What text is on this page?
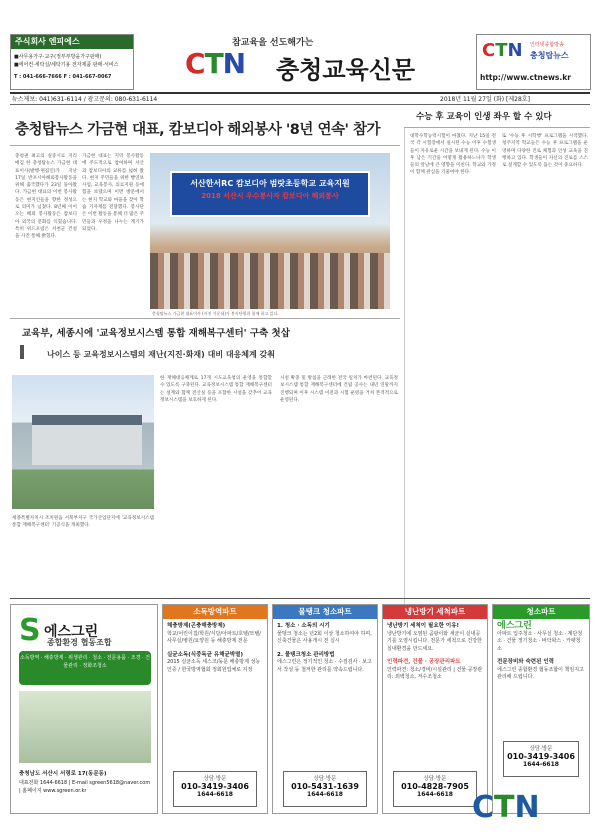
주식회사 엔피에스
■사무용가구·교구(정부부방을가구판매)
■에어컨·세탁실/세탁기용 전자제품 판매·서비스
T : 041-666-7666 F : 041-667-0067
참교육을 선도해가는
CTN 충청교육신문
CTN 인터넷종합방송
충청탑뉴스
http://www.ctnews.kr
뉴스제보: 041)631-6114 / 광고문의: 080-631-6114	2018년 11월 27일 (화) [제28호]
충청탑뉴스 가금현 대표, 캄보디아 해외봉사 '8년 연속' 참가
충청권 최고의 실증시료 지리매김 한 충청탑뉴스 가금현 대표이사(발행·편집인)가 지난 17일 반포시아해외봉사활동을 위해 출국했다가 23일 돌아왔다. 가금현 대표의 이번 봉사활동은 현지인들을 향한 정성으로 의미가 넘쳤다. 8년째 이어오는 해외 봉사활동은 캄보디아 외국의 문화를 익혔습니다. 특히 위드포럼은 서천군 건설을 사진 통해 밝혔다.
가금현 대표는 지역 봉사활동에 주도적으로 참여하며 서산과 캄보디아의 교류를 넓혀 왔다. 현지 주민들을 위한 빵연보 사업, 교육봉사, 의료지원 등에 힘을 보탰으며 이번 방문에서는 현지 학교와 마을을 찾아 학습 기자재를 전달했다. 봉사단은 이번 활동을 통해 더 많은 주민들과 우정을 나누는 계기가 되었다.
서산한서RC 캄보디아 범랏초등학교 교육지원
2018 서산시 우수봉사자 캄보디아 해외봉사
충청탑뉴스 가금현 대표이사 (사진 가운데)가 봉사단원과 함께 하고 있다.
교육부, 세종시에 '교육정보시스템 통합 재해복구센터' 구축 첫삽
나이스 등 교육정보시스템의 재난(지진·화재) 대비 대응체계 갖춰
세종특별자치시 조치원읍 서북부지구 국가산업단지에 '교육정보시스템 통합 재해복구센터' 기공식을 개최했다.
한 재해대응체계로 17개 시도교육청의 운영을 통합할 수 있도록 구축된다. 교육정보시스템 통합 재해복구센터는 설계와 함께 전산실 등을 포함한 시설을 갖추어 교육정보시스템을 보호하게 된다.
시설 확충 및 방침을 근래한 전국 일치가 마련된다. 교육정보시스템 통합 재해복구센터에 건립 공사는 내년 연말까지 진행되며 이후 시스템 이전과 시험 운영을 거쳐 본격적으로 운영된다.
수능 후 교육이 인생 좌우 할 수 있다
대학수학능력시험이 마쳤다. 지난 15일 전국 각 시험장에서 실시된 수능 이후 수험생들이 자유로운 시간을 보내게 된다. 수능 이후 남은 기간을 어떻게 활용하느냐가 학생들의 앞날에 큰 영향을 미친다. 학교와 가정이 함께 관심을 기울여야 한다.
또 '수능 후 시학행' 프로그램을 시작했다. 청주지역 학교들은 수능 후 프로그램을 운영하며 다양한 진로 체험과 인성 교육을 진행하고 있다. 학생들이 자신의 진로를 스스로 설계할 수 있도록 돕는 것이 중요하다.
S 에스그린
종합환경 협동조합
소독방역 · 해충방제 · 위생관리 · 청소 · 전문용품 · 조경 · 건물관리 · 정화조청소
충청남도 서산시 서령로 17(동문동)
대표전화 1644-6618 | E-mail sgreen5618@naver.com | 홈페이지 www.sgreen.or.kr
소독방역파트
해충방제(곤충해충방제)
학교/어린이집/학원/식당/아파트/호텔/모텔/사무실/병원/요양원 등 해충방제 전문
실균소독(식중독균 유해균박멸)
2015 실균소독 세스코/동문 해충방제 성능 인증 / 한국방역협회 정회원업체로 지정
상담·방문
010-3419-3406
1644-6618
물탱크 청소파트
1. 청소 · 소독의 시기
물탱크 청소는 년2회 이상 청소하여야 하며, 신축건물은 사용개시 전 실시
2. 물탱크청소 관리방법
에스그린은 정기적인 청소 · 수질검사 · 보고서 작성 등 철저한 관리를 약속드립니다.
상담·방문
010-5431-1639
1644-6618
냉난방기 세척파트
냉난방기 세척이 필요한 이유!
냉난방기에 오염된 곰팡이와 세균이 실내공기를 오염시킵니다. 전문가 세척으로 건강한 실내환경을 만드세요.
인력파견, 건물 · 공장관리파트
인력파견: 청소/경비/시설관리 | 건물·공장관리: 외벽청소, 저수조청소
상담·방문
010-4828-7905
1644-6618
청소파트
에스그린
아파트 입주청소 · 사무실 청소 · 계단청소 · 건물 정기청소 · 바닥왁스 · 카펫청소
전문장비와 숙련된 인력
에스그린 종합환경 협동조합이 책임지고 관리해 드립니다.
상담·방문
010-3419-3406
1644-6618
CTN
